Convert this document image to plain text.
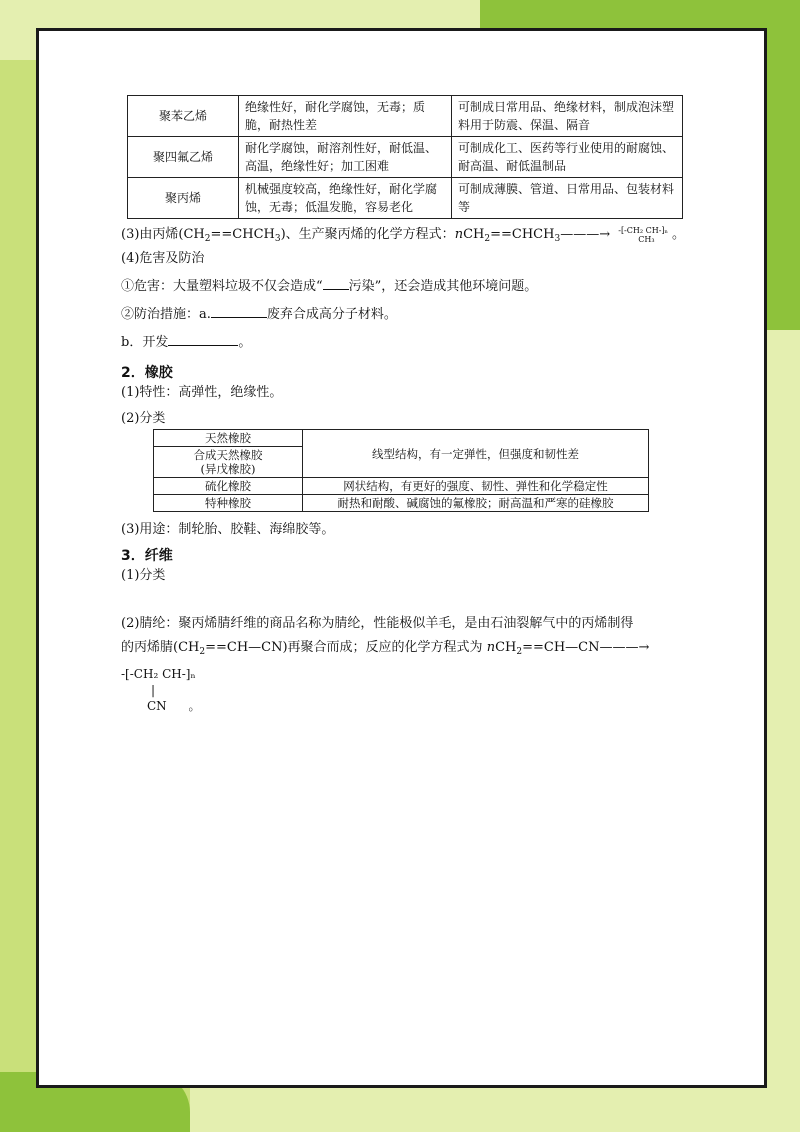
聚苯乙烯	绝缘性好，耐化学腐蚀，无毒；质脆，耐热性差	可制成日常用品、绝缘材料，制成泡沫塑料用于防震、保温、隔音
聚四氟乙烯	耐化学腐蚀，耐溶剂性好，耐低温、高温，绝缘性好；加工困难	可制成化工、医药等行业使用的耐腐蚀、耐高温、耐低温制品
聚丙烯	机械强度较高，绝缘性好，耐化学腐蚀，无毒；低温发脆，容易老化	可制成薄膜、管道、日常用品、包装材料等

(3)由丙烯$(CH_2==CHCH_3)$、生产聚丙烯的化学方程式：$nCH_2==CHCH_3———\to -[-CH_2$ CH-]ₙ
CH₃ 。

(4)危害及防治

①危害：大量塑料垃圾不仅会造成“ 污染”，还会造成其他环境问题。

②防治措施：a.	废弃合成高分子材料。

b．开发	。

2．橡胶

(1)特性：高弹性，绝缘性。

(2)分类

天然橡胶	线型结构，有一定弹性，但强度和韧性差
合成天然橡胶
(异戊橡胶)	
硫化橡胶	网状结构，有更好的强度、韧性、弹性和化学稳定性
特种橡胶	耐热和耐酸、碱腐蚀的氟橡胶；耐高温和严寒的硅橡胶

(3)用途：制轮胎、胶鞋、海绵胶等。

3．纤维

(1)分类

(2)腈纶：聚丙烯腈纤维的商品名称为腈纶，性能极似羊毛，是由石油裂解气中的丙烯制得
的丙烯腈$(CH_2==CH—CN)$再聚合而成；反应的化学方程式为 nCH$_2$==CH—CN———→

-[-CH₂ CH-]ₙ
|
CN 。
